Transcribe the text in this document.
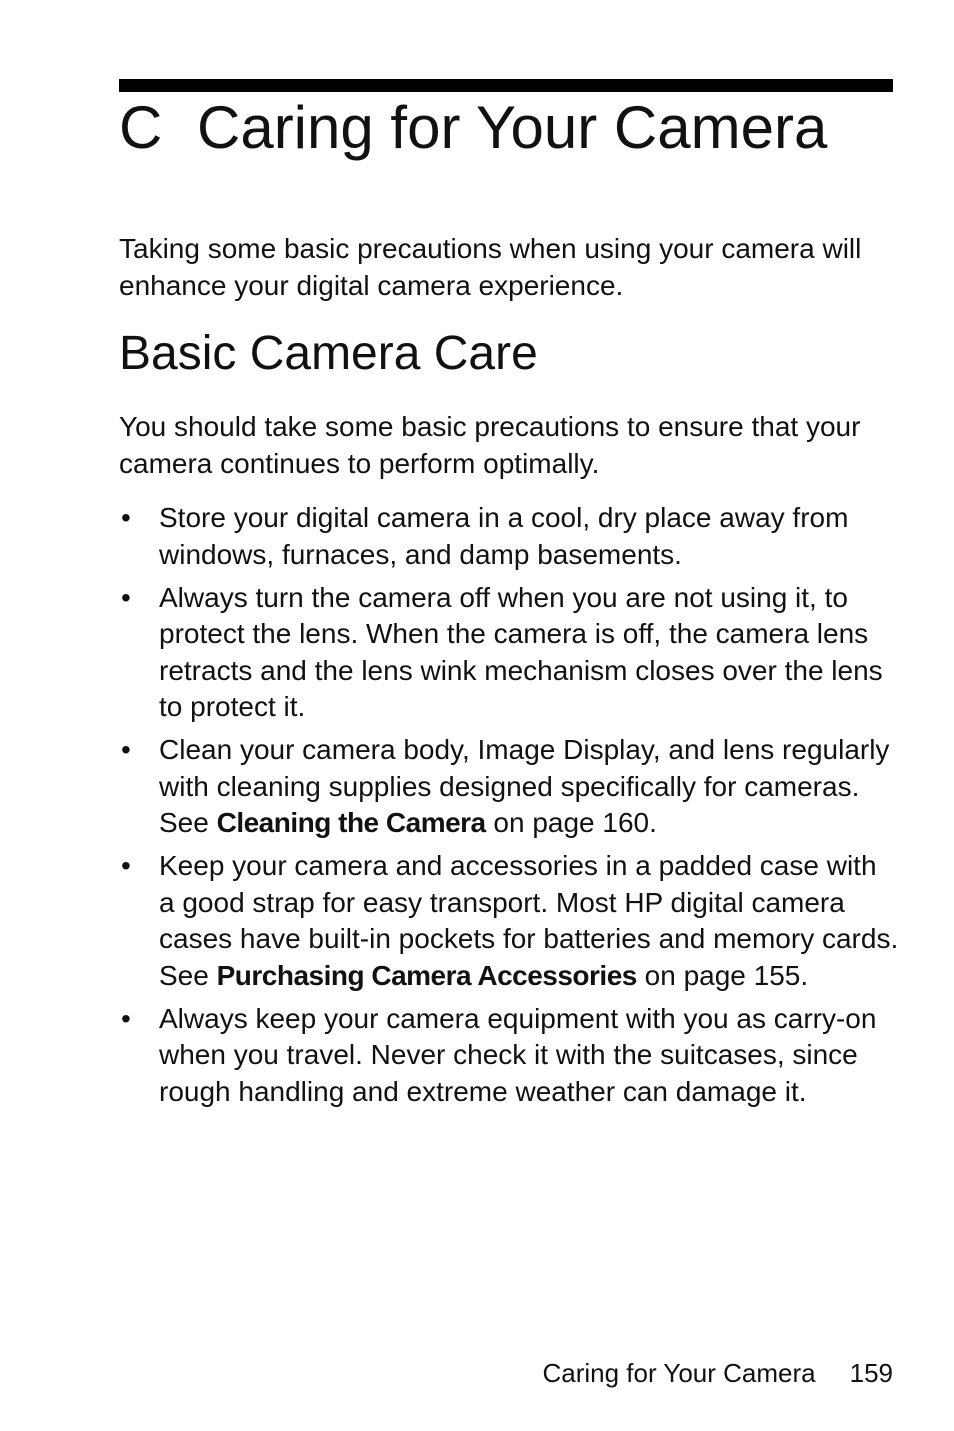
C Caring for Your Camera

Taking some basic precautions when using your camera will enhance your digital camera experience.

Basic Camera Care

You should take some basic precautions to ensure that your camera continues to perform optimally.

• Store your digital camera in a cool, dry place away from windows, furnaces, and damp basements.
• Always turn the camera off when you are not using it, to protect the lens. When the camera is off, the camera lens retracts and the lens wink mechanism closes over the lens to protect it.
• Clean your camera body, Image Display, and lens regularly with cleaning supplies designed specifically for cameras. See Cleaning the Camera on page 160.
• Keep your camera and accessories in a padded case with a good strap for easy transport. Most HP digital camera cases have built-in pockets for batteries and memory cards. See Purchasing Camera Accessories on page 155.
• Always keep your camera equipment with you as carry-on when you travel. Never check it with the suitcases, since rough handling and extreme weather can damage it.
Caring for Your Camera 159
